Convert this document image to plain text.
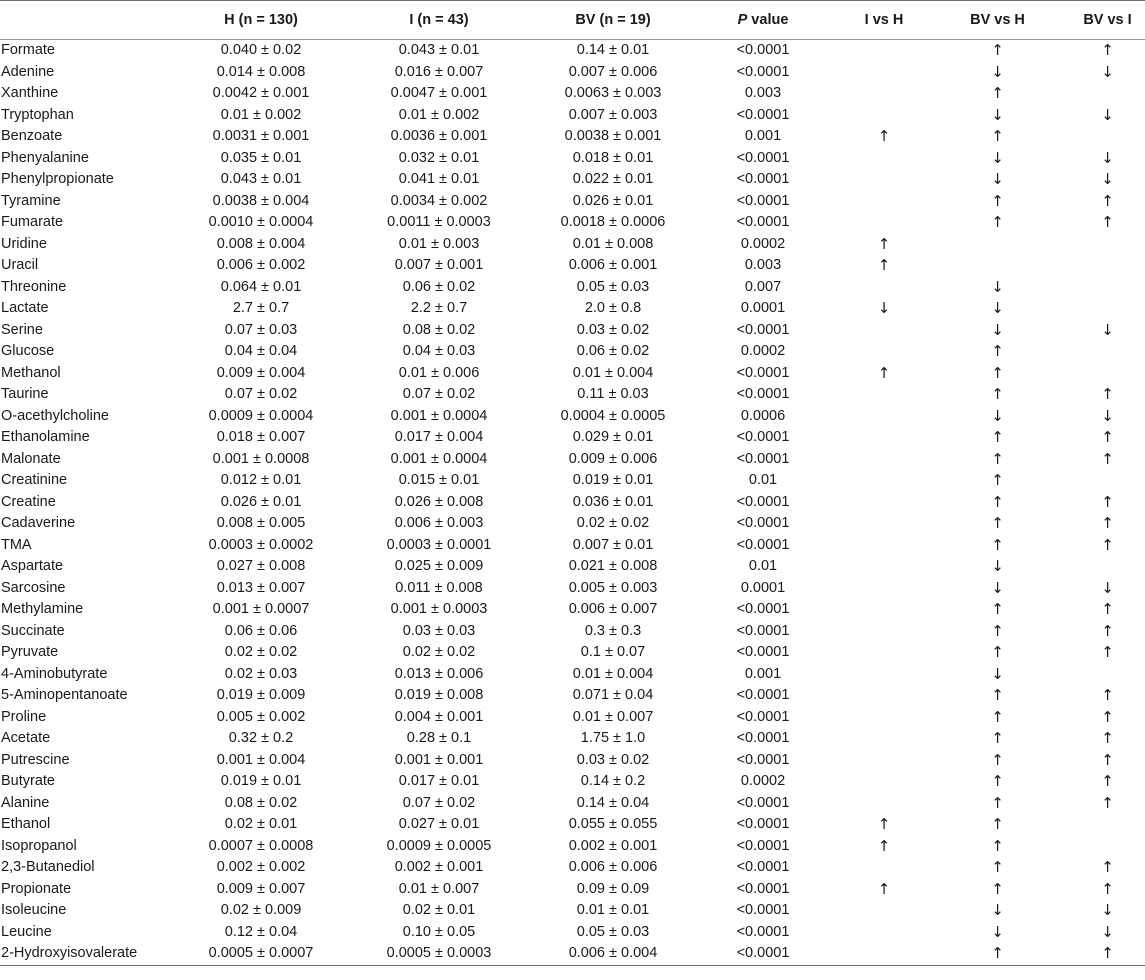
	H (n = 130)	I (n = 43)	BV (n = 19)	P value	I vs H	BV vs H	BV vs I
Formate	0.040 ± 0.02	0.043 ± 0.01	0.14 ± 0.01	<0.0001		↑	↑
Adenine	0.014 ± 0.008	0.016 ± 0.007	0.007 ± 0.006	<0.0001		↓	↓
Xanthine	0.0042 ± 0.001	0.0047 ± 0.001	0.0063 ± 0.003	0.003		↑	
Tryptophan	0.01 ± 0.002	0.01 ± 0.002	0.007 ± 0.003	<0.0001		↓	↓
Benzoate	0.0031 ± 0.001	0.0036 ± 0.001	0.0038 ± 0.001	0.001	↑	↑	
Phenyalanine	0.035 ± 0.01	0.032 ± 0.01	0.018 ± 0.01	<0.0001		↓	↓
Phenylpropionate	0.043 ± 0.01	0.041 ± 0.01	0.022 ± 0.01	<0.0001		↓	↓
Tyramine	0.0038 ± 0.004	0.0034 ± 0.002	0.026 ± 0.01	<0.0001		↑	↑
Fumarate	0.0010 ± 0.0004	0.0011 ± 0.0003	0.0018 ± 0.0006	<0.0001		↑	↑
Uridine	0.008 ± 0.004	0.01 ± 0.003	0.01 ± 0.008	0.0002	↑		
Uracil	0.006 ± 0.002	0.007 ± 0.001	0.006 ± 0.001	0.003	↑		
Threonine	0.064 ± 0.01	0.06 ± 0.02	0.05 ± 0.03	0.007		↓	
Lactate	2.7 ± 0.7	2.2 ± 0.7	2.0 ± 0.8	0.0001	↓	↓	
Serine	0.07 ± 0.03	0.08 ± 0.02	0.03 ± 0.02	<0.0001		↓	↓
Glucose	0.04 ± 0.04	0.04 ± 0.03	0.06 ± 0.02	0.0002		↑	
Methanol	0.009 ± 0.004	0.01 ± 0.006	0.01 ± 0.004	<0.0001	↑	↑	
Taurine	0.07 ± 0.02	0.07 ± 0.02	0.11 ± 0.03	<0.0001		↑	↑
O-acethylcholine	0.0009 ± 0.0004	0.001 ± 0.0004	0.0004 ± 0.0005	0.0006		↓	↓
Ethanolamine	0.018 ± 0.007	0.017 ± 0.004	0.029 ± 0.01	<0.0001		↑	↑
Malonate	0.001 ± 0.0008	0.001 ± 0.0004	0.009 ± 0.006	<0.0001		↑	↑
Creatinine	0.012 ± 0.01	0.015 ± 0.01	0.019 ± 0.01	0.01		↑	
Creatine	0.026 ± 0.01	0.026 ± 0.008	0.036 ± 0.01	<0.0001		↑	↑
Cadaverine	0.008 ± 0.005	0.006 ± 0.003	0.02 ± 0.02	<0.0001		↑	↑
TMA	0.0003 ± 0.0002	0.0003 ± 0.0001	0.007 ± 0.01	<0.0001		↑	↑
Aspartate	0.027 ± 0.008	0.025 ± 0.009	0.021 ± 0.008	0.01		↓	
Sarcosine	0.013 ± 0.007	0.011 ± 0.008	0.005 ± 0.003	0.0001		↓	↓
Methylamine	0.001 ± 0.0007	0.001 ± 0.0003	0.006 ± 0.007	<0.0001		↑	↑
Succinate	0.06 ± 0.06	0.03 ± 0.03	0.3 ± 0.3	<0.0001		↑	↑
Pyruvate	0.02 ± 0.02	0.02 ± 0.02	0.1 ± 0.07	<0.0001		↑	↑
4-Aminobutyrate	0.02 ± 0.03	0.013 ± 0.006	0.01 ± 0.004	0.001		↓	
5-Aminopentanoate	0.019 ± 0.009	0.019 ± 0.008	0.071 ± 0.04	<0.0001		↑	↑
Proline	0.005 ± 0.002	0.004 ± 0.001	0.01 ± 0.007	<0.0001		↑	↑
Acetate	0.32 ± 0.2	0.28 ± 0.1	1.75 ± 1.0	<0.0001		↑	↑
Putrescine	0.001 ± 0.004	0.001 ± 0.001	0.03 ± 0.02	<0.0001		↑	↑
Butyrate	0.019 ± 0.01	0.017 ± 0.01	0.14 ± 0.2	0.0002		↑	↑
Alanine	0.08 ± 0.02	0.07 ± 0.02	0.14 ± 0.04	<0.0001		↑	↑
Ethanol	0.02 ± 0.01	0.027 ± 0.01	0.055 ± 0.055	<0.0001	↑	↑	
Isopropanol	0.0007 ± 0.0008	0.0009 ± 0.0005	0.002 ± 0.001	<0.0001	↑	↑	
2,3-Butanediol	0.002 ± 0.002	0.002 ± 0.001	0.006 ± 0.006	<0.0001		↑	↑
Propionate	0.009 ± 0.007	0.01 ± 0.007	0.09 ± 0.09	<0.0001	↑	↑	↑
Isoleucine	0.02 ± 0.009	0.02 ± 0.01	0.01 ± 0.01	<0.0001		↓	↓
Leucine	0.12 ± 0.04	0.10 ± 0.05	0.05 ± 0.03	<0.0001		↓	↓
2-Hydroxyisovalerate	0.0005 ± 0.0007	0.0005 ± 0.0003	0.006 ± 0.004	<0.0001		↑	↑
